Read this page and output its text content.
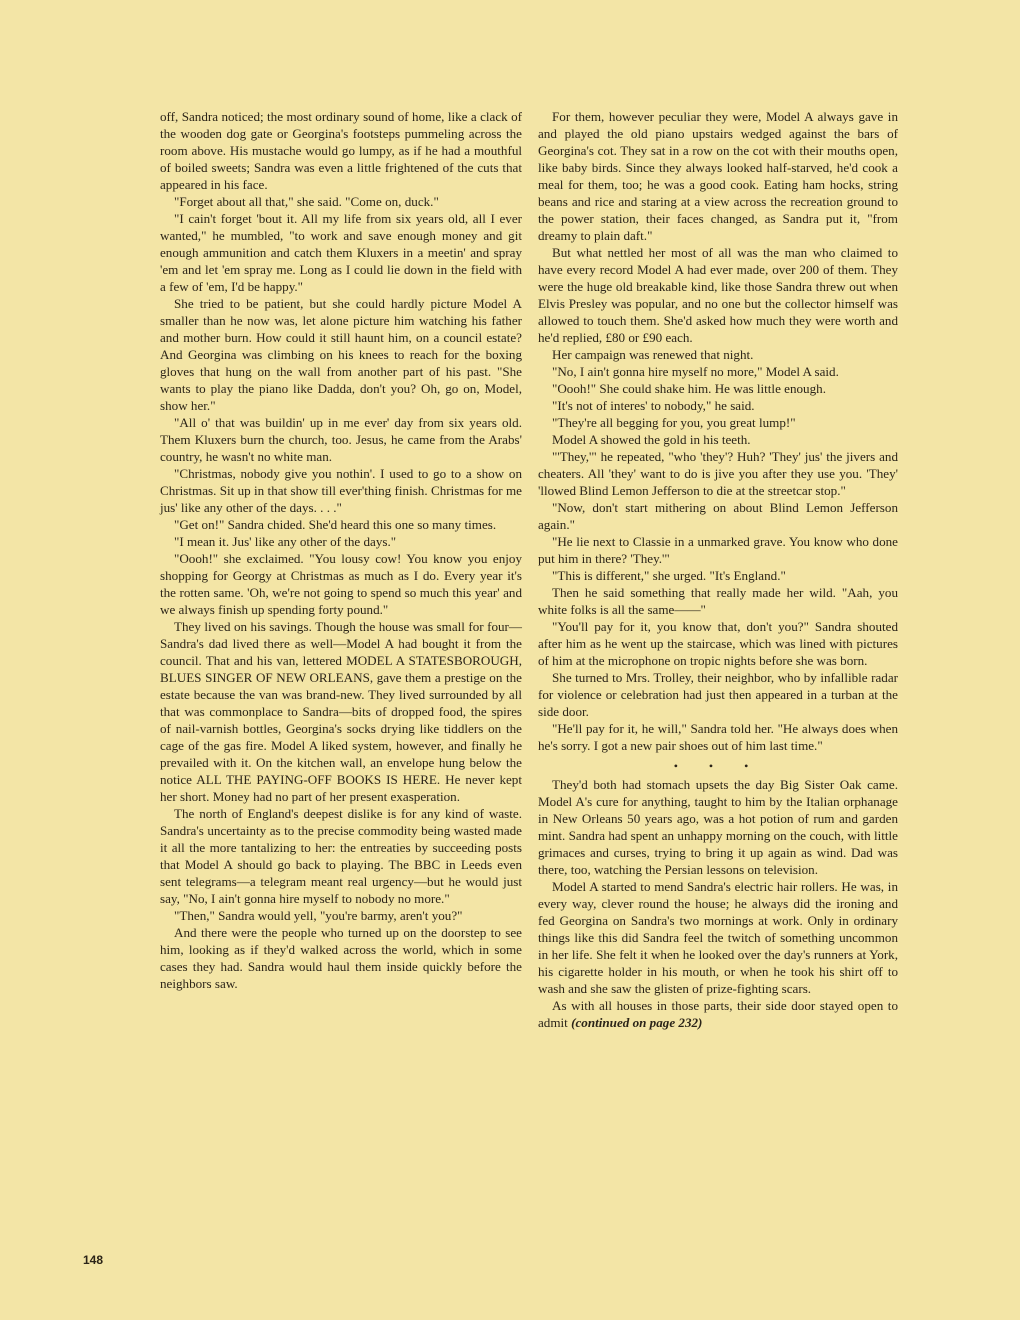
off, Sandra noticed; the most ordinary sound of home, like a clack of the wooden dog gate or Georgina's footsteps pummeling across the room above. His mustache would go lumpy, as if he had a mouthful of boiled sweets; Sandra was even a little frightened of the cuts that appeared in his face.

"Forget about all that," she said. "Come on, duck."

"I cain't forget 'bout it. All my life from six years old, all I ever wanted," he mumbled, "to work and save enough money and git enough ammunition and catch them Kluxers in a meetin' and spray 'em and let 'em spray me. Long as I could lie down in the field with a few of 'em, I'd be happy."

She tried to be patient, but she could hardly picture Model A smaller than he now was, let alone picture him watching his father and mother burn. How could it still haunt him, on a council estate? And Georgina was climbing on his knees to reach for the boxing gloves that hung on the wall from another part of his past. "She wants to play the piano like Dadda, don't you? Oh, go on, Model, show her."

"All o' that was buildin' up in me ever' day from six years old. Them Kluxers burn the church, too. Jesus, he came from the Arabs' country, he wasn't no white man.

"Christmas, nobody give you nothin'. I used to go to a show on Christmas. Sit up in that show till ever'thing finish. Christmas for me jus' like any other of the days. . . ."

"Get on!" Sandra chided. She'd heard this one so many times.

"I mean it. Jus' like any other of the days."

"Oooh!" she exclaimed. "You lousy cow! You know you enjoy shopping for Georgy at Christmas as much as I do. Every year it's the rotten same. 'Oh, we're not going to spend so much this year' and we always finish up spending forty pound."

They lived on his savings. Though the house was small for four—Sandra's dad lived there as well—Model A had bought it from the council. That and his van, lettered MODEL A STATESBOROUGH, BLUES SINGER OF NEW ORLEANS, gave them a prestige on the estate because the van was brand-new. They lived surrounded by all that was commonplace to Sandra—bits of dropped food, the spires of nail-varnish bottles, Georgina's socks drying like tiddlers on the cage of the gas fire. Model A liked system, however, and finally he prevailed with it. On the kitchen wall, an envelope hung below the notice ALL THE PAYING-OFF BOOKS IS HERE. He never kept her short. Money had no part of her present exasperation.

The north of England's deepest dislike is for any kind of waste. Sandra's uncertainty as to the precise commodity being wasted made it all the more tantalizing to her: the entreaties by succeeding posts that Model A should go back to playing. The BBC in Leeds even sent telegrams—a telegram meant real urgency—but he would just say, "No, I ain't gonna hire myself to nobody no more."

"Then," Sandra would yell, "you're barmy, aren't you?"

And there were the people who turned up on the doorstep to see him, looking as if they'd walked across the world, which in some cases they had. Sandra would haul them inside quickly before the neighbors saw.

For them, however peculiar they were, Model A always gave in and played the old piano upstairs wedged against the bars of Georgina's cot. They sat in a row on the cot with their mouths open, like baby birds. Since they always looked half-starved, he'd cook a meal for them, too; he was a good cook. Eating ham hocks, string beans and rice and staring at a view across the recreation ground to the power station, their faces changed, as Sandra put it, "from dreamy to plain daft."

But what nettled her most of all was the man who claimed to have every record Model A had ever made, over 200 of them. They were the huge old breakable kind, like those Sandra threw out when Elvis Presley was popular, and no one but the collector himself was allowed to touch them. She'd asked how much they were worth and he'd replied, £80 or £90 each.

Her campaign was renewed that night.

"No, I ain't gonna hire myself no more," Model A said.

"Oooh!" She could shake him. He was little enough.

"It's not of interes' to nobody," he said.

"They're all begging for you, you great lump!"

Model A showed the gold in his teeth.

"'They,'" he repeated, "who 'they'? Huh? 'They' jus' the jivers and cheaters. All 'they' want to do is jive you after they use you. 'They' 'llowed Blind Lemon Jefferson to die at the streetcar stop."

"Now, don't start mithering on about Blind Lemon Jefferson again."

"He lie next to Classie in a unmarked grave. You know who done put him in there? 'They.'"

"This is different," she urged. "It's England."

Then he said something that really made her wild. "Aah, you white folks is all the same——"

"You'll pay for it, you know that, don't you?" Sandra shouted after him as he went up the staircase, which was lined with pictures of him at the microphone on tropic nights before she was born.

She turned to Mrs. Trolley, their neighbor, who by infallible radar for violence or celebration had just then appeared in a turban at the side door.

"He'll pay for it, he will," Sandra told her. "He always does when he's sorry. I got a new pair shoes out of him last time."

• • •

They'd both had stomach upsets the day Big Sister Oak came. Model A's cure for anything, taught to him by the Italian orphanage in New Orleans 50 years ago, was a hot potion of rum and garden mint. Sandra had spent an unhappy morning on the couch, with little grimaces and curses, trying to bring it up again as wind. Dad was there, too, watching the Persian lessons on television.

Model A started to mend Sandra's electric hair rollers. He was, in every way, clever round the house; he always did the ironing and fed Georgina on Sandra's two mornings at work. Only in ordinary things like this did Sandra feel the twitch of something uncommon in her life. She felt it when he looked over the day's runners at York, his cigarette holder in his mouth, or when he took his shirt off to wash and she saw the glisten of prize-fighting scars.

As with all houses in those parts, their side door stayed open to admit (continued on page 232)

148
